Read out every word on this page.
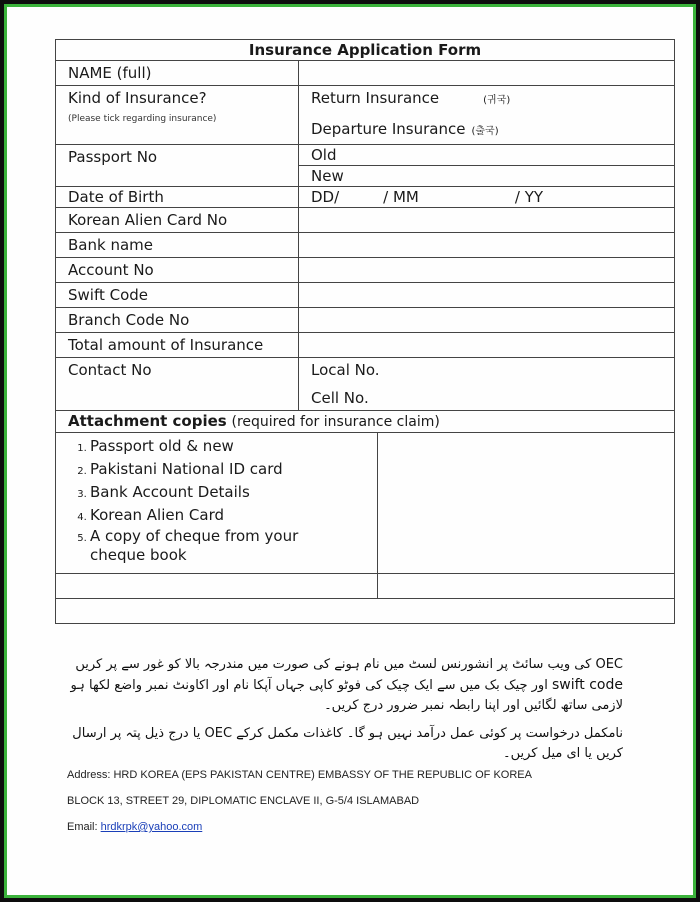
Insurance Application Form
NAME (full)	
Kind of Insurance?
(Please tick regarding insurance)

Return Insurance	(귀국)
Departure Insurance (출국)

Passport No	Old
New
Date of Birth	DD/	/ MM	/ YY
Korean Alien Card No	
Bank name	
Account No	
Swift Code	
Branch Code No	
Total amount of Insurance	
Contact No	Local No.
Cell No.

Attachment copies (required for insurance claim)

1. Passport old & new
2. Pakistani National ID card
3. Bank Account Details
4. Korean Alien Card
5. A copy of cheque from your cheque book

OEC کی ویب سائٹ پر انشورنس لسٹ میں نام ہونے کی صورت میں مندرجہ بالا کو غور سے پر کریں swift code اور چیک بک میں سے ایک چیک کی فوٹو کاپی جہاں آپکا نام اور اکاونٹ نمبر واضع لکھا ہو لازمی ساتھ لگائیں اور اپنا رابطہ نمبر ضرور درج کریں۔

نامکمل درخواست پر کوئی عمل درآمد نہیں ہو گا۔ کاغذات مکمل کرکے OEC یا درج ذیل پتہ پر ارسال کریں یا ای میل کریں۔

Address: HRD KOREA (EPS PAKISTAN CENTRE) EMBASSY OF THE REPUBLIC OF KOREA
BLOCK 13, STREET 29, DIPLOMATIC ENCLAVE II, G-5/4 ISLAMABAD
Email: hrdkrpk@yahoo.com
